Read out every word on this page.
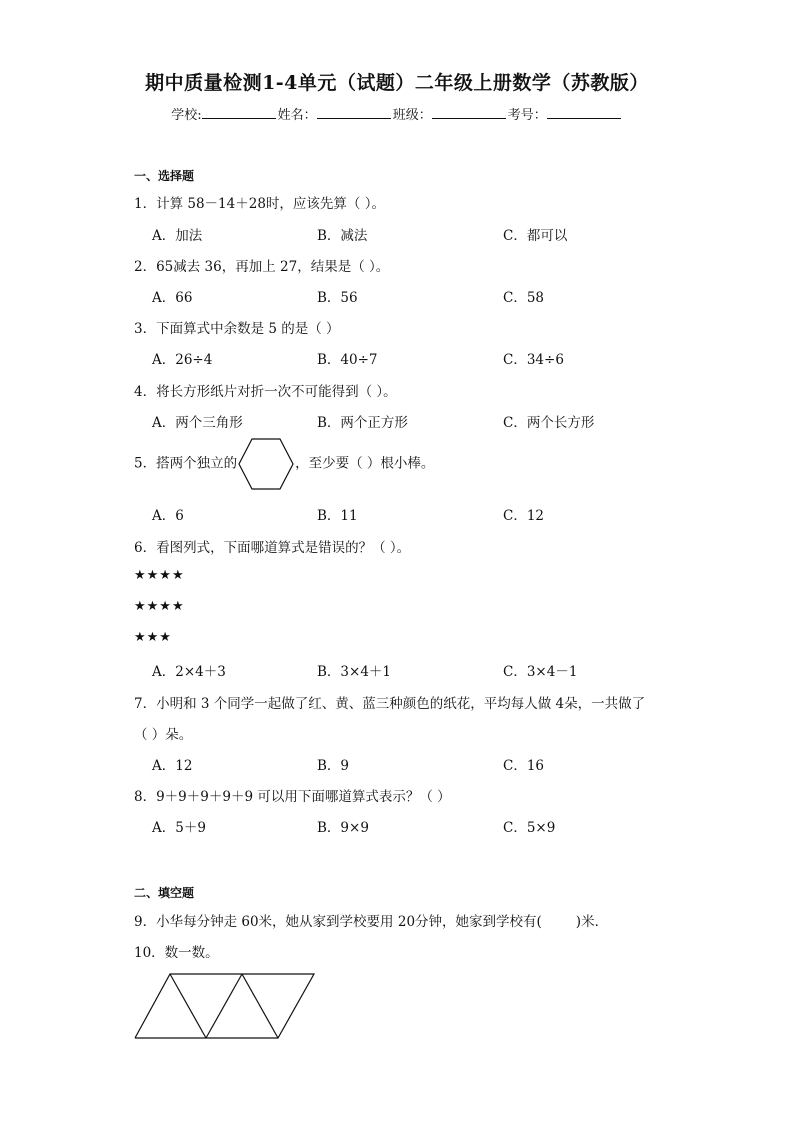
期中质量检测1-4单元（试题）二年级上册数学（苏教版）
学校:	姓名：	班级：	考号：
一、选择题
1．计算 58－14＋28时，应该先算（ ）。
A．加法	B．减法	C．都可以
2．65减去 36，再加上 27，结果是（ ）。
A．66	B．56	C．58
3．下面算式中余数是 5 的是（ ）
A．26÷4	B．40÷7	C．34÷6
4．将长方形纸片对折一次不可能得到（ ）。
A．两个三角形	B．两个正方形	C．两个长方形
5．搭两个独立的	，至少要（ ）根小棒。
A．6	B．11	C．12
6．看图列式，下面哪道算式是错误的？（ ）。
★★★★
★★★★
★★★
A．2×4＋3	B．3×4＋1	C．3×4－1
7．小明和 3 个同学一起做了红、黄、蓝三种颜色的纸花，平均每人做 4朵，一共做了
（ ）朵。
A．12	B．9	C．16
8．9＋9＋9＋9＋9 可以用下面哪道算式表示？（ ）
A．5＋9	B．9×9	C．5×9
二、填空题
9．小华每分钟走 60米，她从家到学校要用 20分钟，她家到学校有(	)米．
10．数一数。
